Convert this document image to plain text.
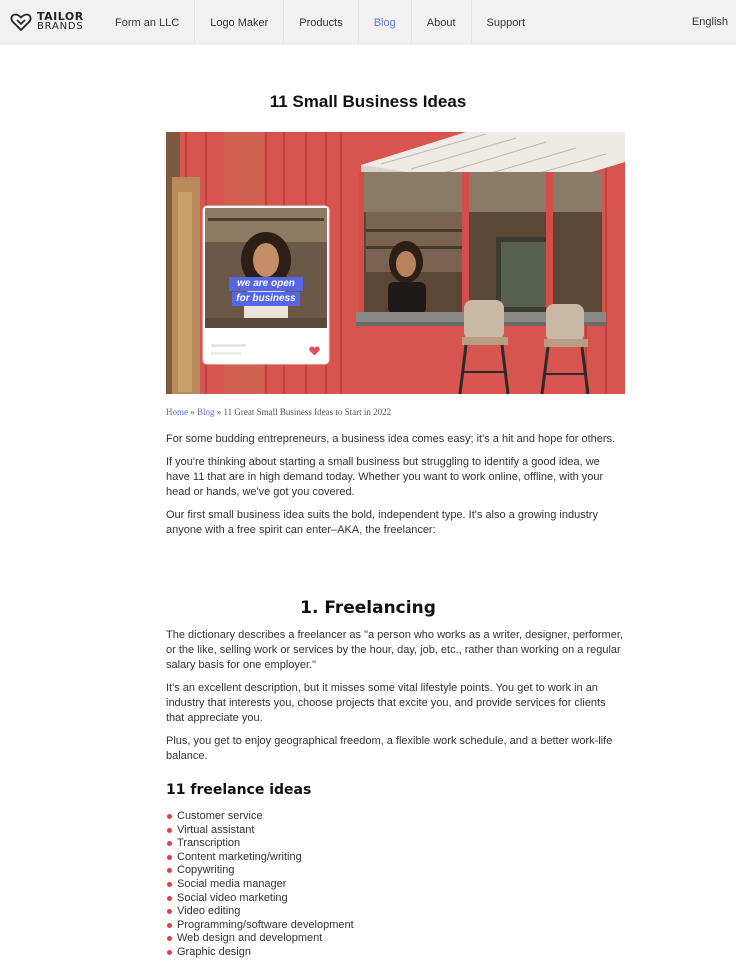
TAILOR
BRANDS	Form an LLC	Logo Maker	Products	Blog	About	Support	English
11 Small Business Ideas
we are open
for business
Home » Blog » 11 Great Small Business Ideas to Start in 2022

For some budding entrepreneurs, a business idea comes easy; it's a hit and hope for others.

If you're thinking about starting a small business but struggling to identify a good idea, we have 11 that are in high demand today. Whether you want to work online, offline, with your head or hands, we've got you covered.

Our first small business idea suits the bold, independent type. It's also a growing industry anyone with a free spirit can enter–AKA, the freelancer:

1. Freelancing

The dictionary describes a freelancer as "a person who works as a writer, designer, performer, or the like, selling work or services by the hour, day, job, etc., rather than working on a regular salary basis for one employer."

It's an excellent description, but it misses some vital lifestyle points. You get to work in an industry that interests you, choose projects that excite you, and provide services for clients that appreciate you.

Plus, you get to enjoy geographical freedom, a flexible work schedule, and a better work-life balance.

11 freelance ideas
Customer service
Virtual assistant
Transcription
Content marketing/writing
Copywriting
Social media manager
Social video marketing
Video editing
Programming/software development
Web design and development
Graphic design
